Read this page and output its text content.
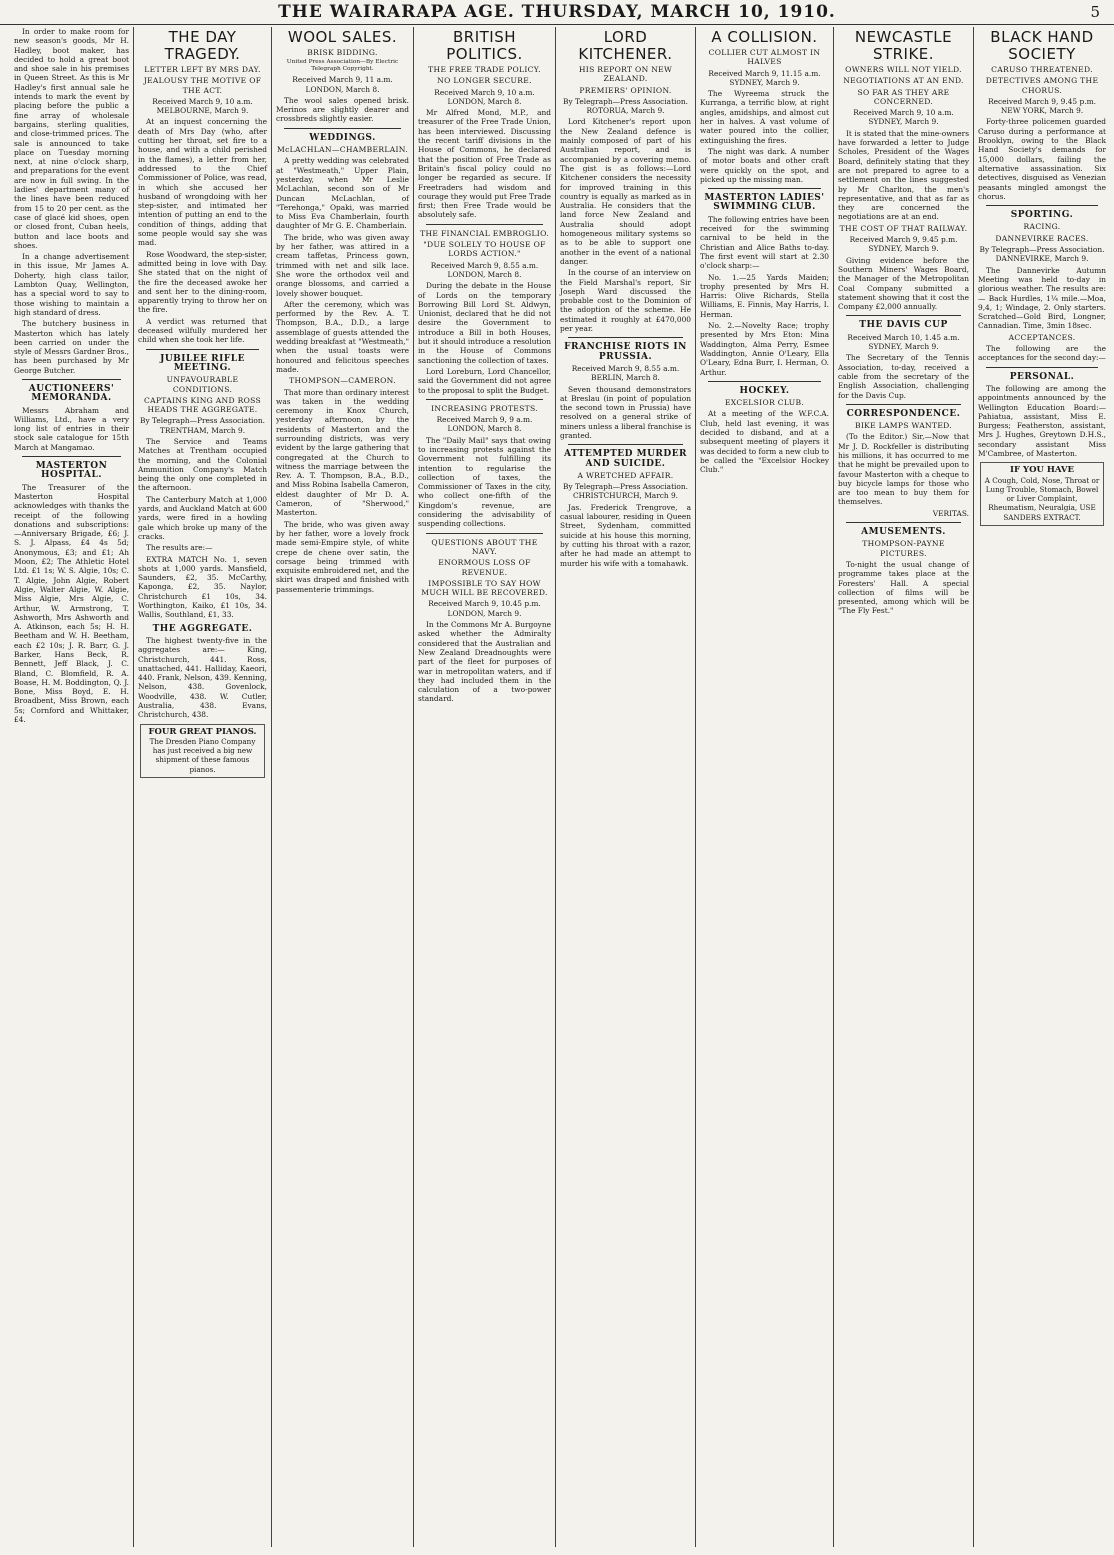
THE WAIRARAPA AGE. THURSDAY, MARCH 10, 1910.	5

In order to make room for new season's goods, Mr H. Hadley, boot maker, has decided to hold a great boot and shoe sale in his premises in Queen Street. As this is Mr Hadley's first annual sale he intends to mark the event by placing before the public a fine array of wholesale bargains, sterling qualities, and close-trimmed prices. The sale is announced to take place on Tuesday morning next, at nine o'clock sharp, and preparations for the event are now in full swing. In the ladies' department many of the lines have been reduced from 15 to 20 per cent. as the case of glacé kid shoes, open or closed front, Cuban heels, button and lace boots and shoes.

In a change advertisement in this issue, Mr James A. Doherty, high class tailor, Lambton Quay, Wellington, has a special word to say to those wishing to maintain a high standard of dress.

The butchery business in Masterton which has lately been carried on under the style of Messrs Gardner Bros., has been purchased by Mr George Butcher.

AUCTIONEERS' MEMORANDA.

Messrs Abraham and Williams, Ltd., have a very long list of entries in their stock sale catalogue for 15th March at Mangamao.

MASTERTON HOSPITAL.

The Treasurer of the Masterton Hospital acknowledges with thanks the receipt of the following donations and subscriptions:—Anniversary Brigade, £6; J. S. J. Alpass, £4 4s 5d; Anonymous, £3; and £1; Ah Moon, £2; The Athletic Hotel Ltd. £1 1s; W. S. Algie, 10s; C. T. Algie, John Algie, Robert Algie, Walter Algie, W. Algie, Miss Algie, Mrs Algie, C. Arthur, W. Armstrong, T. Ashworth, Mrs Ashworth and A. Atkinson, each 5s; H. H. Beetham and W. H. Beetham, each £2 10s; J. R. Barr, G. J. Barker, Hans Beck, R. Bennett, Jeff Black, J. C. Bland, C. Blomfield, R. A. Boase, H. M. Boddington, Q. J. Bone, Miss Boyd, E. H. Broadbent, Miss Brown, each 5s; Cornford and Whittaker, £4.

THE DAY TRAGEDY.
LETTER LEFT BY MRS DAY.
JEALOUSY THE MOTIVE OF THE ACT.
Received March 9, 10 a.m. MELBOURNE, March 9.

At an inquest concerning the death of Mrs Day (who, after cutting her throat, set fire to a house, and with a child perished in the flames), a letter from her, addressed to the Chief Commissioner of Police, was read, in which she accused her husband of wrongdoing with her step-sister, and intimated her intention of putting an end to the condition of things, adding that some people would say she was mad.

Rose Woodward, the step-sister, admitted being in love with Day. She stated that on the night of the fire the deceased awoke her and sent her to the dining-room, apparently trying to throw her on the fire.

A verdict was returned that deceased wilfully murdered her child when she took her life.

JUBILEE RIFLE MEETING.
UNFAVOURABLE CONDITIONS.
CAPTAINS KING AND ROSS HEADS THE AGGREGATE.
By Telegraph—Press Association. TRENTHAM, March 9.

The Service and Teams Matches at Trentham occupied the morning, and the Colonial Ammunition Company's Match being the only one completed in the afternoon.

The Canterbury Match at 1,000 yards, and Auckland Match at 600 yards, were fired in a howling gale which broke up many of the cracks.

The results are:—

EXTRA MATCH No. 1, seven shots at 1,000 yards. Mansfield, Saunders, £2, 35. McCarthy, Kaponga, £2, 35. Naylor, Christchurch £1 10s, 34. Worthington, Kaiko, £1 10s, 34. Wallis, Southland, £1, 33.

THE AGGREGATE.

The highest twenty-five in the aggregates are:— King, Christchurch, 441. Ross, unattached, 441. Halliday, Kaeori, 440. Frank, Nelson, 439. Kenning, Nelson, 438. Govenlock, Woodville, 438. W. Cutler, Australia, 438. Evans, Christchurch, 438.

FOUR GREAT PIANOS.
The Dresden Piano Company has just received a big new shipment of these famous pianos.
WOOL SALES.
BRISK BIDDING.
United Press Association—By Electric Telegraph Copyright.
Received March 9, 11 a.m. LONDON, March 8.

The wool sales opened brisk. Merinos are slightly dearer and crossbreds slightly easier.

WEDDINGS.
McLACHLAN—CHAMBERLAIN.

A pretty wedding was celebrated at "Westmeath," Upper Plain, yesterday, when Mr Leslie McLachlan, second son of Mr Duncan McLachlan, of "Terehonga," Opaki, was married to Miss Eva Chamberlain, fourth daughter of Mr G. E. Chamberlain.

The bride, who was given away by her father, was attired in a cream taffetas, Princess gown, trimmed with net and silk lace. She wore the orthodox veil and orange blossoms, and carried a lovely shower bouquet.

After the ceremony, which was performed by the Rev. A. T. Thompson, B.A., D.D., a large assemblage of guests attended the wedding breakfast at "Westmeath," when the usual toasts were honoured and felicitous speeches made.

THOMPSON—CAMERON.

That more than ordinary interest was taken in the wedding ceremony in Knox Church, yesterday afternoon, by the residents of Masterton and the surrounding districts, was very evident by the large gathering that congregated at the Church to witness the marriage between the Rev. A. T. Thompson, B.A., B.D., and Miss Robina Isabella Cameron, eldest daughter of Mr D. A. Cameron, of "Sherwood," Masterton.

The bride, who was given away by her father, wore a lovely frock made semi-Empire style, of white crepe de chene over satin, the corsage being trimmed with exquisite embroidered net, and the skirt was draped and finished with passementerie trimmings.

BRITISH POLITICS.
THE FREE TRADE POLICY.
NO LONGER SECURE.
Received March 9, 10 a.m. LONDON, March 8.

Mr Alfred Mond, M.P., and treasurer of the Free Trade Union, has been interviewed. Discussing the recent tariff divisions in the House of Commons, he declared that the position of Free Trade as Britain's fiscal policy could no longer be regarded as secure. If Freetraders had wisdom and courage they would put Free Trade first; then Free Trade would be absolutely safe.

THE FINANCIAL EMBROGLIO.
"DUE SOLELY TO HOUSE OF LORDS ACTION."
Received March 9, 8.55 a.m. LONDON, March 8.

During the debate in the House of Lords on the temporary Borrowing Bill Lord St. Aldwyn, Unionist, declared that he did not desire the Government to introduce a Bill in both Houses, but it should introduce a resolution in the House of Commons sanctioning the collection of taxes.

Lord Loreburn, Lord Chancellor, said the Government did not agree to the proposal to split the Budget.

INCREASING PROTESTS.
Received March 9, 9 a.m. LONDON, March 8.

The "Daily Mail" says that owing to increasing protests against the Government not fulfilling its intention to regularise the collection of taxes, the Commissioner of Taxes in the city, who collect one-fifth of the Kingdom's revenue, are considering the advisability of suspending collections.

QUESTIONS ABOUT THE NAVY.
ENORMOUS LOSS OF REVENUE.
IMPOSSIBLE TO SAY HOW MUCH WILL BE RECOVERED.
Received March 9, 10.45 p.m. LONDON, March 9.

In the Commons Mr A. Burgoyne asked whether the Admiralty considered that the Australian and New Zealand Dreadnoughts were part of the fleet for purposes of war in metropolitan waters, and if they had included them in the calculation of a two-power standard.

LORD KITCHENER.
HIS REPORT ON NEW ZEALAND.
PREMIERS' OPINION.
By Telegraph—Press Association. ROTORUA, March 9.

Lord Kitchener's report upon the New Zealand defence is mainly composed of part of his Australian report, and is accompanied by a covering memo. The gist is as follows:—Lord Kitchener considers the necessity for improved training in this country is equally as marked as in Australia. He considers that the land force New Zealand and Australia should adopt homogeneous military systems so as to be able to support one another in the event of a national danger.

In the course of an interview on the Field Marshal's report, Sir Joseph Ward discussed the probable cost to the Dominion of the adoption of the scheme. He estimated it roughly at £470,000 per year.

FRANCHISE RIOTS IN PRUSSIA.
Received March 9, 8.55 a.m. BERLIN, March 8.

Seven thousand demonstrators at Breslau (in point of population the second town in Prussia) have resolved on a general strike of miners unless a liberal franchise is granted.

ATTEMPTED MURDER AND SUICIDE.
A WRETCHED AFFAIR.
By Telegraph—Press Association. CHRISTCHURCH, March 9.

Jas. Frederick Trengrove, a casual labourer, residing in Queen Street, Sydenham, committed suicide at his house this morning, by cutting his throat with a razor, after he had made an attempt to murder his wife with a tomahawk.

A COLLISION.
COLLIER CUT ALMOST IN HALVES
Received March 9, 11.15 a.m. SYDNEY, March 9.

The Wyreema struck the Kurranga, a terrific blow, at right angles, amidships, and almost cut her in halves. A vast volume of water poured into the collier, extinguishing the fires.

The night was dark. A number of motor boats and other craft were quickly on the spot, and picked up the missing man.

MASTERTON LADIES' SWIMMING CLUB.

The following entries have been received for the swimming carnival to be held in the Christian and Alice Baths to-day. The first event will start at 2.30 o'clock sharp:—

No. 1.—25 Yards Maiden; trophy presented by Mrs H. Harris: Olive Richards, Stella Williams, E. Finnis, May Harris, I. Herman.

No. 2.—Novelty Race; trophy presented by Mrs Eton: Mina Waddington, Alma Perry, Esmee Waddington, Annie O'Leary, Ella O'Leary, Edna Burr, I. Herman, O. Arthur.

HOCKEY.
EXCELSIOR CLUB.

At a meeting of the W.F.C.A. Club, held last evening, it was decided to disband, and at a subsequent meeting of players it was decided to form a new club to be called the "Excelsior Hockey Club."

NEWCASTLE STRIKE.
OWNERS WILL NOT YIELD.
NEGOTIATIONS AT AN END.
SO FAR AS THEY ARE CONCERNED.
Received March 9, 10 a.m. SYDNEY, March 9.

It is stated that the mine-owners have forwarded a letter to Judge Scholes, President of the Wages Board, definitely stating that they are not prepared to agree to a settlement on the lines suggested by Mr Charlton, the men's representative, and that as far as they are concerned the negotiations are at an end.

THE COST OF THAT RAILWAY.
Received March 9, 9.45 p.m. SYDNEY, March 9.

Giving evidence before the Southern Miners' Wages Board, the Manager of the Metropolitan Coal Company submitted a statement showing that it cost the Company £2,000 annually.

THE DAVIS CUP
Received March 10, 1.45 a.m. SYDNEY, March 9.

The Secretary of the Tennis Association, to-day, received a cable from the secretary of the English Association, challenging for the Davis Cup.

CORRESPONDENCE.
BIKE LAMPS WANTED.

(To the Editor.) Sir,—Now that Mr J. D. Rockfeller is distributing his millions, it has occurred to me that he might be prevailed upon to favour Masterton with a cheque to buy bicycle lamps for those who are too mean to buy them for themselves.

VERITAS.
AMUSEMENTS.
THOMPSON-PAYNE PICTURES.

To-night the usual change of programme takes place at the Foresters' Hall. A special collection of films will be presented, among which will be "The Fly Fest."

BLACK HAND SOCIETY
CARUSO THREATENED.
DETECTIVES AMONG THE CHORUS.
Received March 9, 9.45 p.m. NEW YORK, March 9.

Forty-three policemen guarded Caruso during a performance at Brooklyn, owing to the Black Hand Society's demands for 15,000 dollars, failing the alternative assassination. Six detectives, disguised as Venezian peasants mingled amongst the chorus.

SPORTING.
RACING.
DANNEVIRKE RACES.
By Telegraph—Press Association. DANNEVIRKE, March 9.

The Dannevirke Autumn Meeting was held to-day in glorious weather. The results are:— Back Hurdles, 1¼ mile.—Moa, 9,4, 1; Windage, 2. Only starters. Scratched—Gold Bird, Longner, Cannadian. Time, 3min 18sec.

ACCEPTANCES.

The following are the acceptances for the second day:—

PERSONAL.

The following are among the appointments announced by the Wellington Education Board:—Pahiatua, assistant, Miss E. Burgess; Featherston, assistant, Mrs J. Hughes, Greytown D.H.S., secondary assistant Miss M'Cambree, of Masterton.

IF YOU HAVE
A Cough, Cold, Nose, Throat or Lung Trouble, Stomach, Bowel or Liver Complaint, Rheumatism, Neuralgia, USE SANDERS EXTRACT.
